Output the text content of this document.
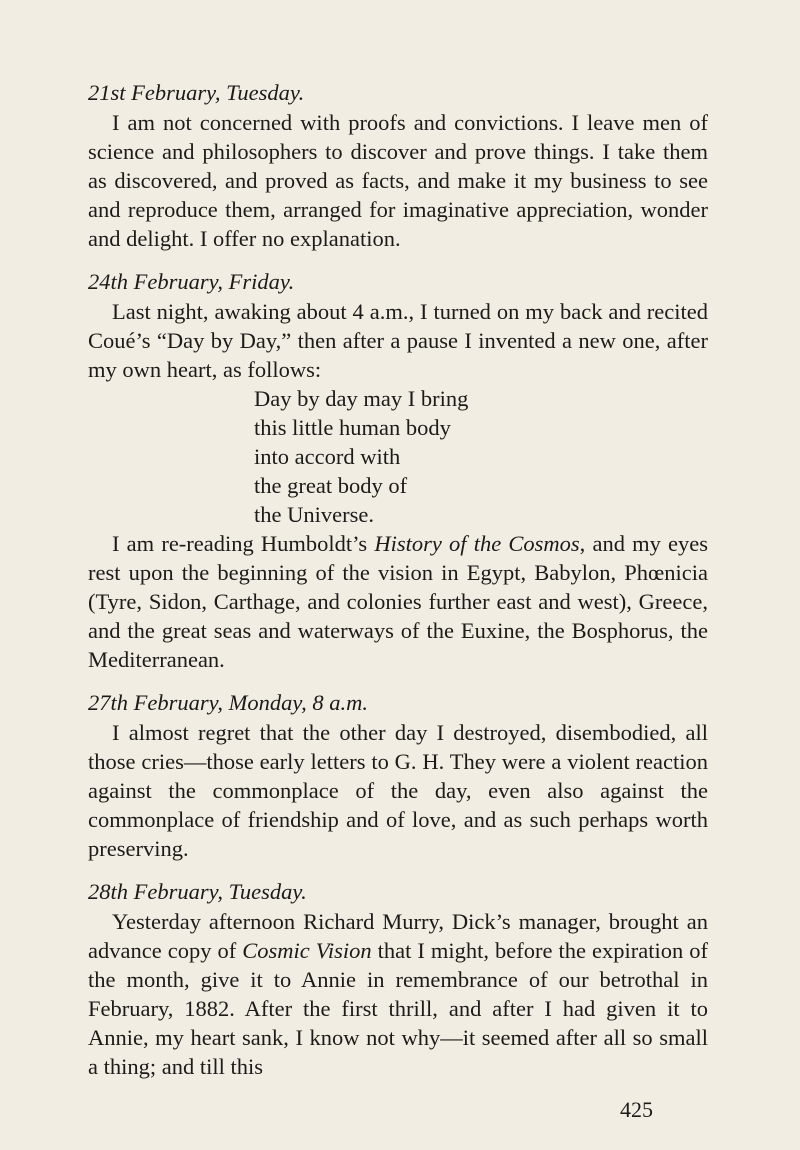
21st February, Tuesday.

I am not concerned with proofs and convictions. I leave men of science and philosophers to discover and prove things. I take them as discovered, and proved as facts, and make it my business to see and reproduce them, arranged for imaginative appreciation, wonder and delight. I offer no explanation.

24th February, Friday.

Last night, awaking about 4 a.m., I turned on my back and recited Coué’s “Day by Day,” then after a pause I invented a new one, after my own heart, as follows:

Day by day may I bring
this little human body
into accord with
the great body of
the Universe.

I am re-reading Humboldt’s History of the Cosmos, and my eyes rest upon the beginning of the vision in Egypt, Babylon, Phœnicia (Tyre, Sidon, Carthage, and colonies further east and west), Greece, and the great seas and waterways of the Euxine, the Bosphorus, the Mediterranean.

27th February, Monday, 8 a.m.

I almost regret that the other day I destroyed, disembodied, all those cries—those early letters to G. H. They were a violent reaction against the commonplace of the day, even also against the commonplace of friendship and of love, and as such perhaps worth preserving.

28th February, Tuesday.

Yesterday afternoon Richard Murry, Dick’s manager, brought an advance copy of Cosmic Vision that I might, before the expiration of the month, give it to Annie in remembrance of our betrothal in February, 1882. After the first thrill, and after I had given it to Annie, my heart sank, I know not why—it seemed after all so small a thing; and till this

425
